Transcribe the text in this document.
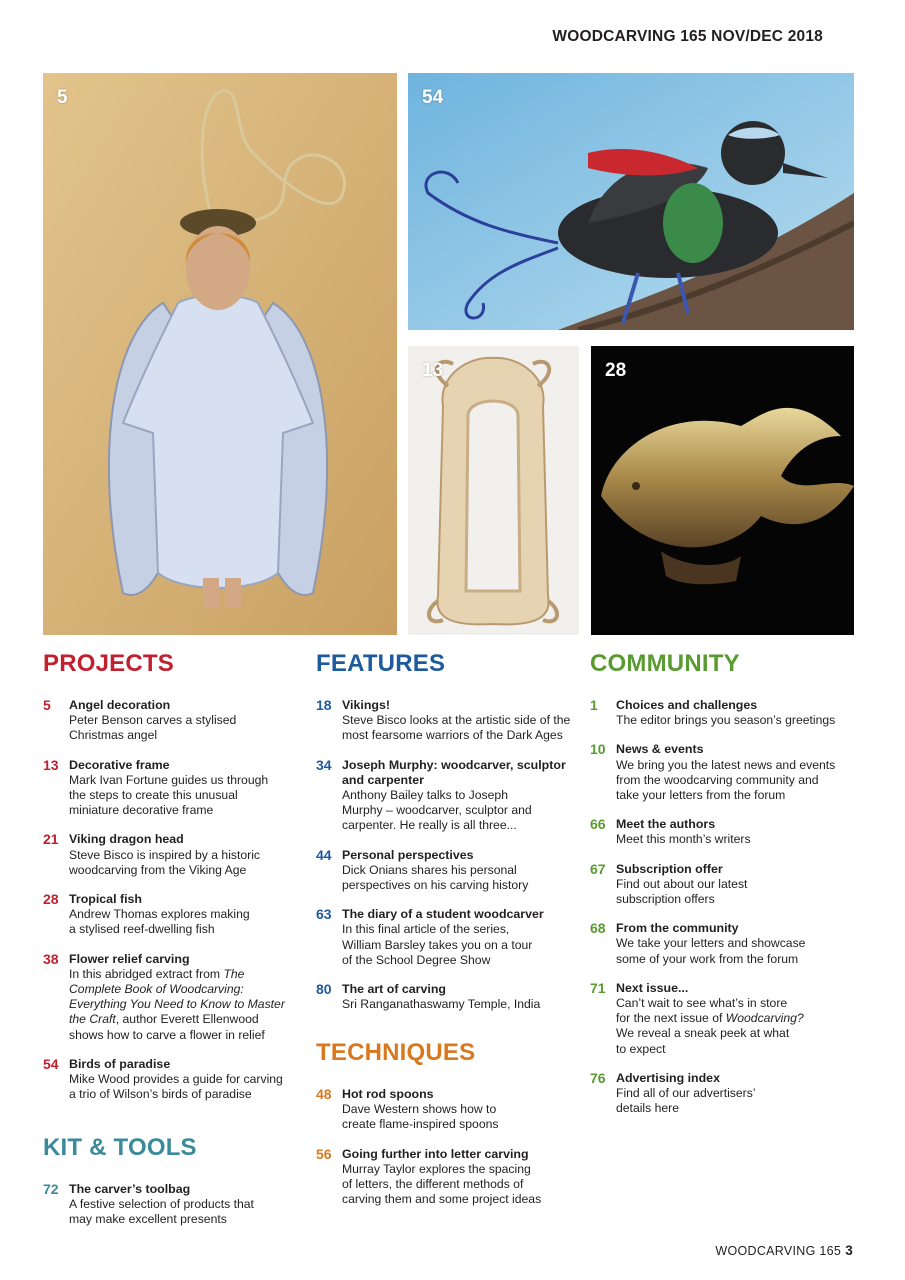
WOODCARVING 165 NOV/DEC 2018
5	54
13	28
PROJECTS
5	Angel decoration
Peter Benson carves a stylised
Christmas angel
13 Decorative frame
Mark Ivan Fortune guides us through
the steps to create this unusual
miniature decorative frame
21 Viking dragon head
Steve Bisco is inspired by a historic
woodcarving from the Viking Age
28 Tropical fish
Andrew Thomas explores making
a stylised reef-dwelling fish
38 Flower relief carving
In this abridged extract from The Complete Book of Woodcarving: Everything You Need to Know to Master the Craft, author Everett Ellenwood shows how to carve a flower in relief
54 Birds of paradise
Mike Wood provides a guide for carving
a trio of Wilson’s birds of paradise
KIT & TOOLS
72 The carver’s toolbag
A festive selection of products that
may make excellent presents
FEATURES
18 Vikings!
Steve Bisco looks at the artistic side of the
most fearsome warriors of the Dark Ages
34 Joseph Murphy: woodcarver, sculptor
and carpenter
Anthony Bailey talks to Joseph
Murphy – woodcarver, sculptor and
carpenter. He really is all three...
44 Personal perspectives
Dick Onians shares his personal
perspectives on his carving history
63 The diary of a student woodcarver
In this final article of the series,
William Barsley takes you on a tour
of the School Degree Show
80 The art of carving
Sri Ranganathaswamy Temple, India
TECHNIQUES
48 Hot rod spoons
Dave Western shows how to
create flame-inspired spoons
56 Going further into letter carving
Murray Taylor explores the spacing
of letters, the different methods of
carving them and some project ideas
COMMUNITY
1	Choices and challenges
The editor brings you season’s greetings
10 News & events
We bring you the latest news and events
from the woodcarving community and
take your letters from the forum
66 Meet the authors
Meet this month’s writers
67 Subscription offer
Find out about our latest
subscription offers
68 From the community
We take your letters and showcase
some of your work from the forum
71 Next issue...
Can’t wait to see what’s in store
for the next issue of Woodcarving?
We reveal a sneak peek at what
to expect
76 Advertising index
Find all of our advertisers’
details here
WOODCARVING 165 3
